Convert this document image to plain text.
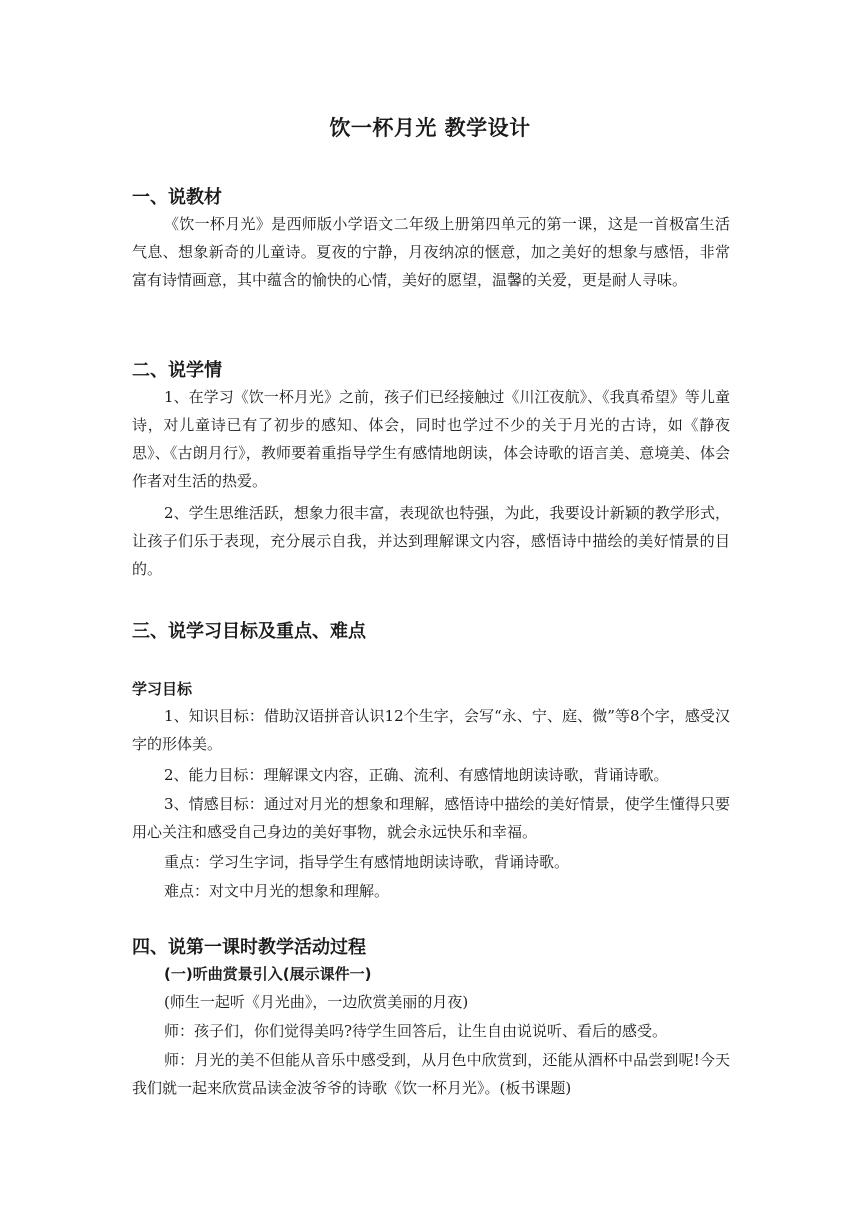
饮一杯月光 教学设计
一、说教材
《饮一杯月光》是西师版小学语文二年级上册第四单元的第一课，这是一首极富生活气息、想象新奇的儿童诗。夏夜的宁静，月夜纳凉的惬意，加之美好的想象与感悟，非常富有诗情画意，其中蕴含的愉快的心情，美好的愿望，温馨的关爱，更是耐人寻味。
二、说学情
1、在学习《饮一杯月光》之前，孩子们已经接触过《川江夜航》、《我真希望》等儿童诗，对儿童诗已有了初步的感知、体会，同时也学过不少的关于月光的古诗，如《静夜思》、《古朗月行》，教师要着重指导学生有感情地朗读，体会诗歌的语言美、意境美、体会作者对生活的热爱。
2、学生思维活跃，想象力很丰富，表现欲也特强，为此，我要设计新颖的教学形式，让孩子们乐于表现，充分展示自我，并达到理解课文内容，感悟诗中描绘的美好情景的目的。
三、说学习目标及重点、难点
学习目标
1、知识目标：借助汉语拼音认识12个生字，会写“永、宁、庭、微”等8个字，感受汉字的形体美。
2、能力目标：理解课文内容，正确、流利、有感情地朗读诗歌，背诵诗歌。
3、情感目标：通过对月光的想象和理解，感悟诗中描绘的美好情景，使学生懂得只要用心关注和感受自己身边的美好事物，就会永远快乐和幸福。
重点：学习生字词，指导学生有感情地朗读诗歌，背诵诗歌。
难点：对文中月光的想象和理解。
四、说第一课时教学活动过程
(一)听曲赏景引入(展示课件一)
(师生一起听《月光曲》，一边欣赏美丽的月夜)
师：孩子们，你们觉得美吗?待学生回答后，让生自由说说听、看后的感受。
师：月光的美不但能从音乐中感受到，从月色中欣赏到，还能从酒杯中品尝到呢!今天我们就一起来欣赏品读金波爷爷的诗歌《饮一杯月光》。(板书课题)
